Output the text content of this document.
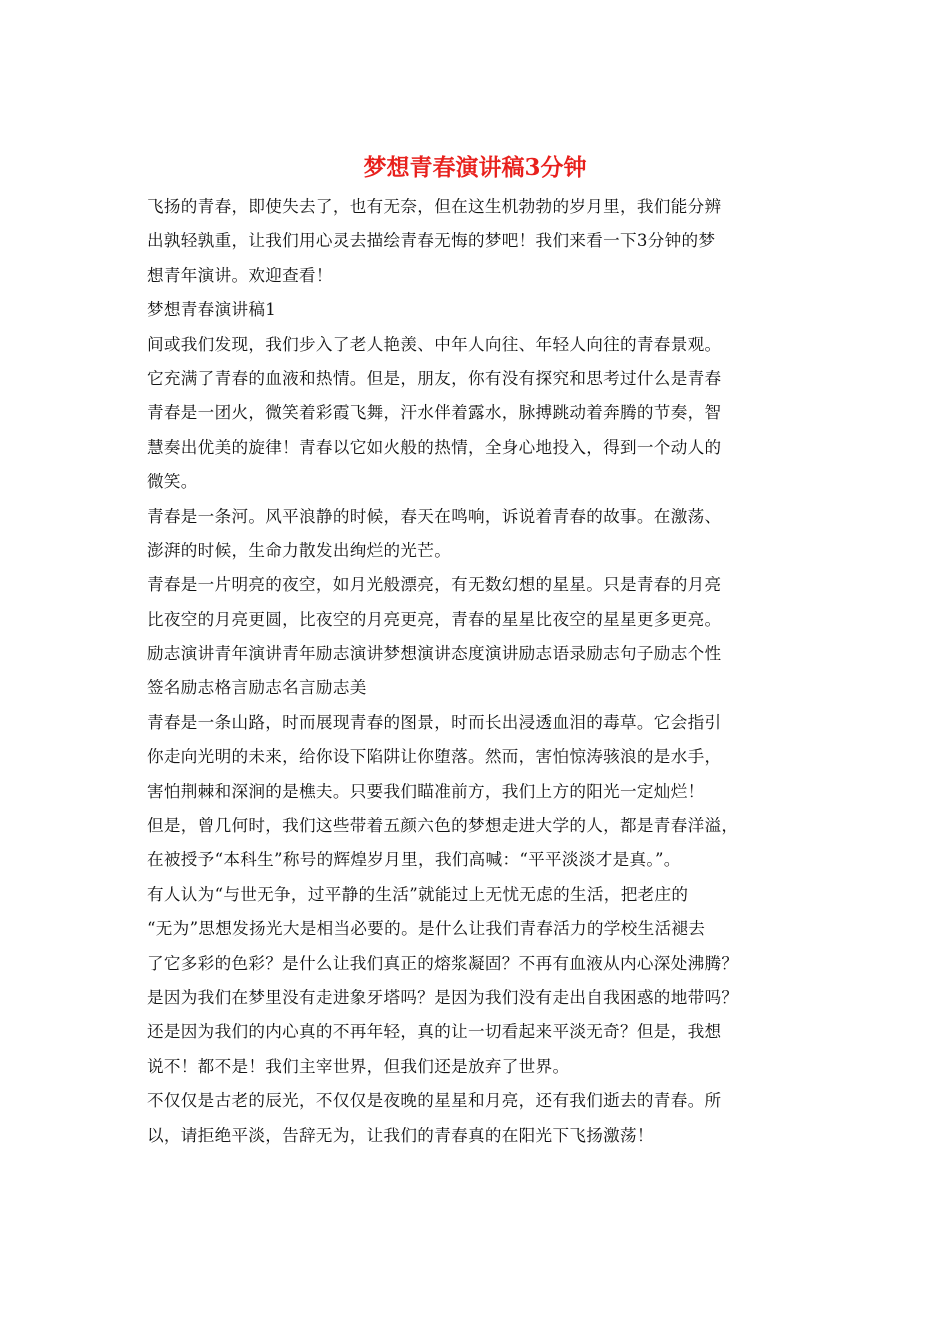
梦想青春演讲稿3分钟
飞扬的青春，即使失去了，也有无奈，但在这生机勃勃的岁月里，我们能分辨
出孰轻孰重，让我们用心灵去描绘青春无悔的梦吧！我们来看一下3分钟的梦
想青年演讲。欢迎查看！
梦想青春演讲稿1
间或我们发现，我们步入了老人艳羡、中年人向往、年轻人向往的青春景观。
它充满了青春的血液和热情。但是，朋友，你有没有探究和思考过什么是青春
青春是一团火，微笑着彩霞飞舞，汗水伴着露水，脉搏跳动着奔腾的节奏，智
慧奏出优美的旋律！青春以它如火般的热情，全身心地投入，得到一个动人的
微笑。
青春是一条河。风平浪静的时候，春天在鸣响，诉说着青春的故事。在激荡、
澎湃的时候，生命力散发出绚烂的光芒。
青春是一片明亮的夜空，如月光般漂亮，有无数幻想的星星。只是青春的月亮
比夜空的月亮更圆，比夜空的月亮更亮，青春的星星比夜空的星星更多更亮。
励志演讲青年演讲青年励志演讲梦想演讲态度演讲励志语录励志句子励志个性
签名励志格言励志名言励志美
青春是一条山路，时而展现青春的图景，时而长出浸透血泪的毒草。它会指引
你走向光明的未来，给你设下陷阱让你堕落。然而，害怕惊涛骇浪的是水手，
害怕荆棘和深涧的是樵夫。只要我们瞄准前方，我们上方的阳光一定灿烂！
但是，曾几何时，我们这些带着五颜六色的梦想走进大学的人，都是青春洋溢，
在被授予“本科生”称号的辉煌岁月里，我们高喊：“平平淡淡才是真。”。
有人认为“与世无争，过平静的生活”就能过上无忧无虑的生活，把老庄的
“无为”思想发扬光大是相当必要的。是什么让我们青春活力的学校生活褪去
了它多彩的色彩？是什么让我们真正的熔浆凝固？不再有血液从内心深处沸腾？
是因为我们在梦里没有走进象牙塔吗？是因为我们没有走出自我困惑的地带吗？
还是因为我们的内心真的不再年轻，真的让一切看起来平淡无奇？但是，我想
说不！都不是！我们主宰世界，但我们还是放弃了世界。
不仅仅是古老的辰光，不仅仅是夜晚的星星和月亮，还有我们逝去的青春。所
以，请拒绝平淡，告辞无为，让我们的青春真的在阳光下飞扬激荡！
